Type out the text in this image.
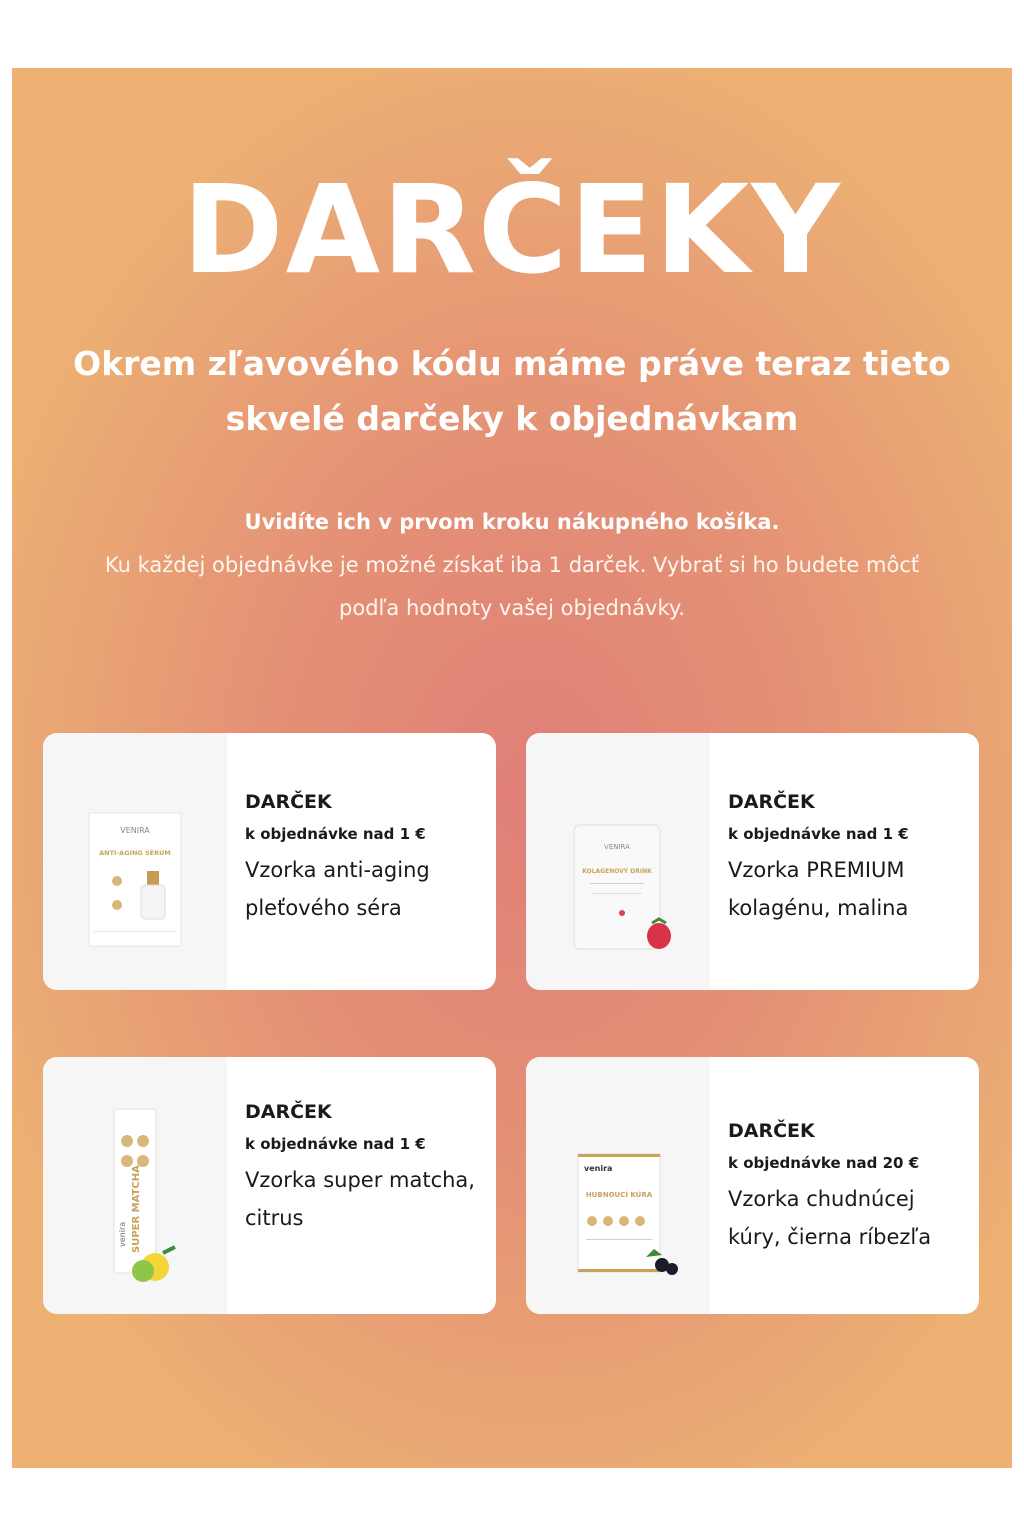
DARČEKY
Okrem zľavového kódu máme práve teraz tieto skvelé darčeky k objednávkam
Uvidíte ich v prvom kroku nákupného košíka.
Ku každej objednávke je možné získať iba 1 darček. Vybrať si ho budete môcť podľa hodnoty vašej objednávky.
VENIRA
ANTI-AGING SÉRUM
DARČEK
k objednávke nad 1 €
Vzorka anti-aging pleťového séra
VENIRA
KOLAGENOVÝ DRINK
DARČEK
k objednávke nad 1 €
Vzorka PREMIUM kolagénu, malina
SUPER MATCHA
venira
DARČEK
k objednávke nad 1 €
Vzorka super matcha, citrus
venira
HUBNOUCÍ KÚRA
DARČEK
k objednávke nad 20 €
Vzorka chudnúcej kúry, čierna ríbezľa
